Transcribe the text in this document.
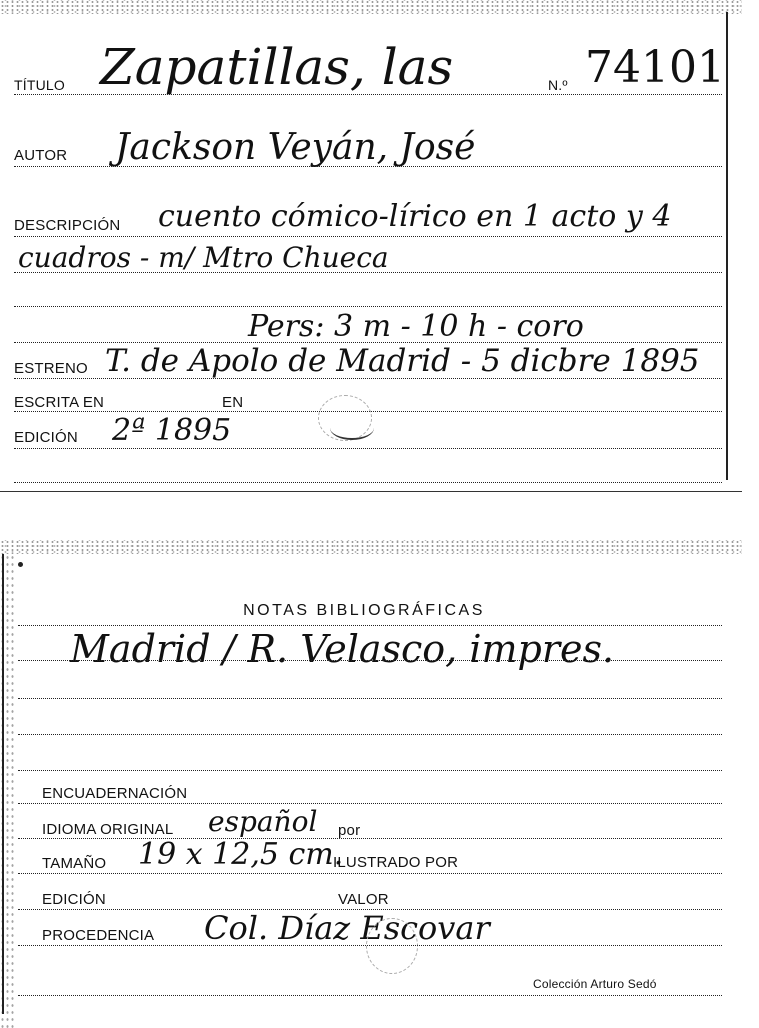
TÍTULO Zapatillas, las	N.º 74101
AUTOR Jackson Veyán, José
DESCRIPCIÓN cuento cómico-lírico en 1 acto y 4
cuadros - m/ Mtro Chueca
Pers: 3 m - 10 h - coro
ESTRENO T. de Apolo de Madrid - 5 dicbre 1895
ESCRITA EN	EN
EDICIÓN 2ª 1895
NOTAS BIBLIOGRÁFICAS
Madrid / R. Velasco, impres.
ENCUADERNACIÓN
IDIOMA ORIGINAL español por
TAMAÑO 19 x 12,5 cm.
ILUSTRADO POR
EDICIÓN	VALOR
PROCEDENCIA Col. Díaz Escovar
Colección Arturo Sedó
